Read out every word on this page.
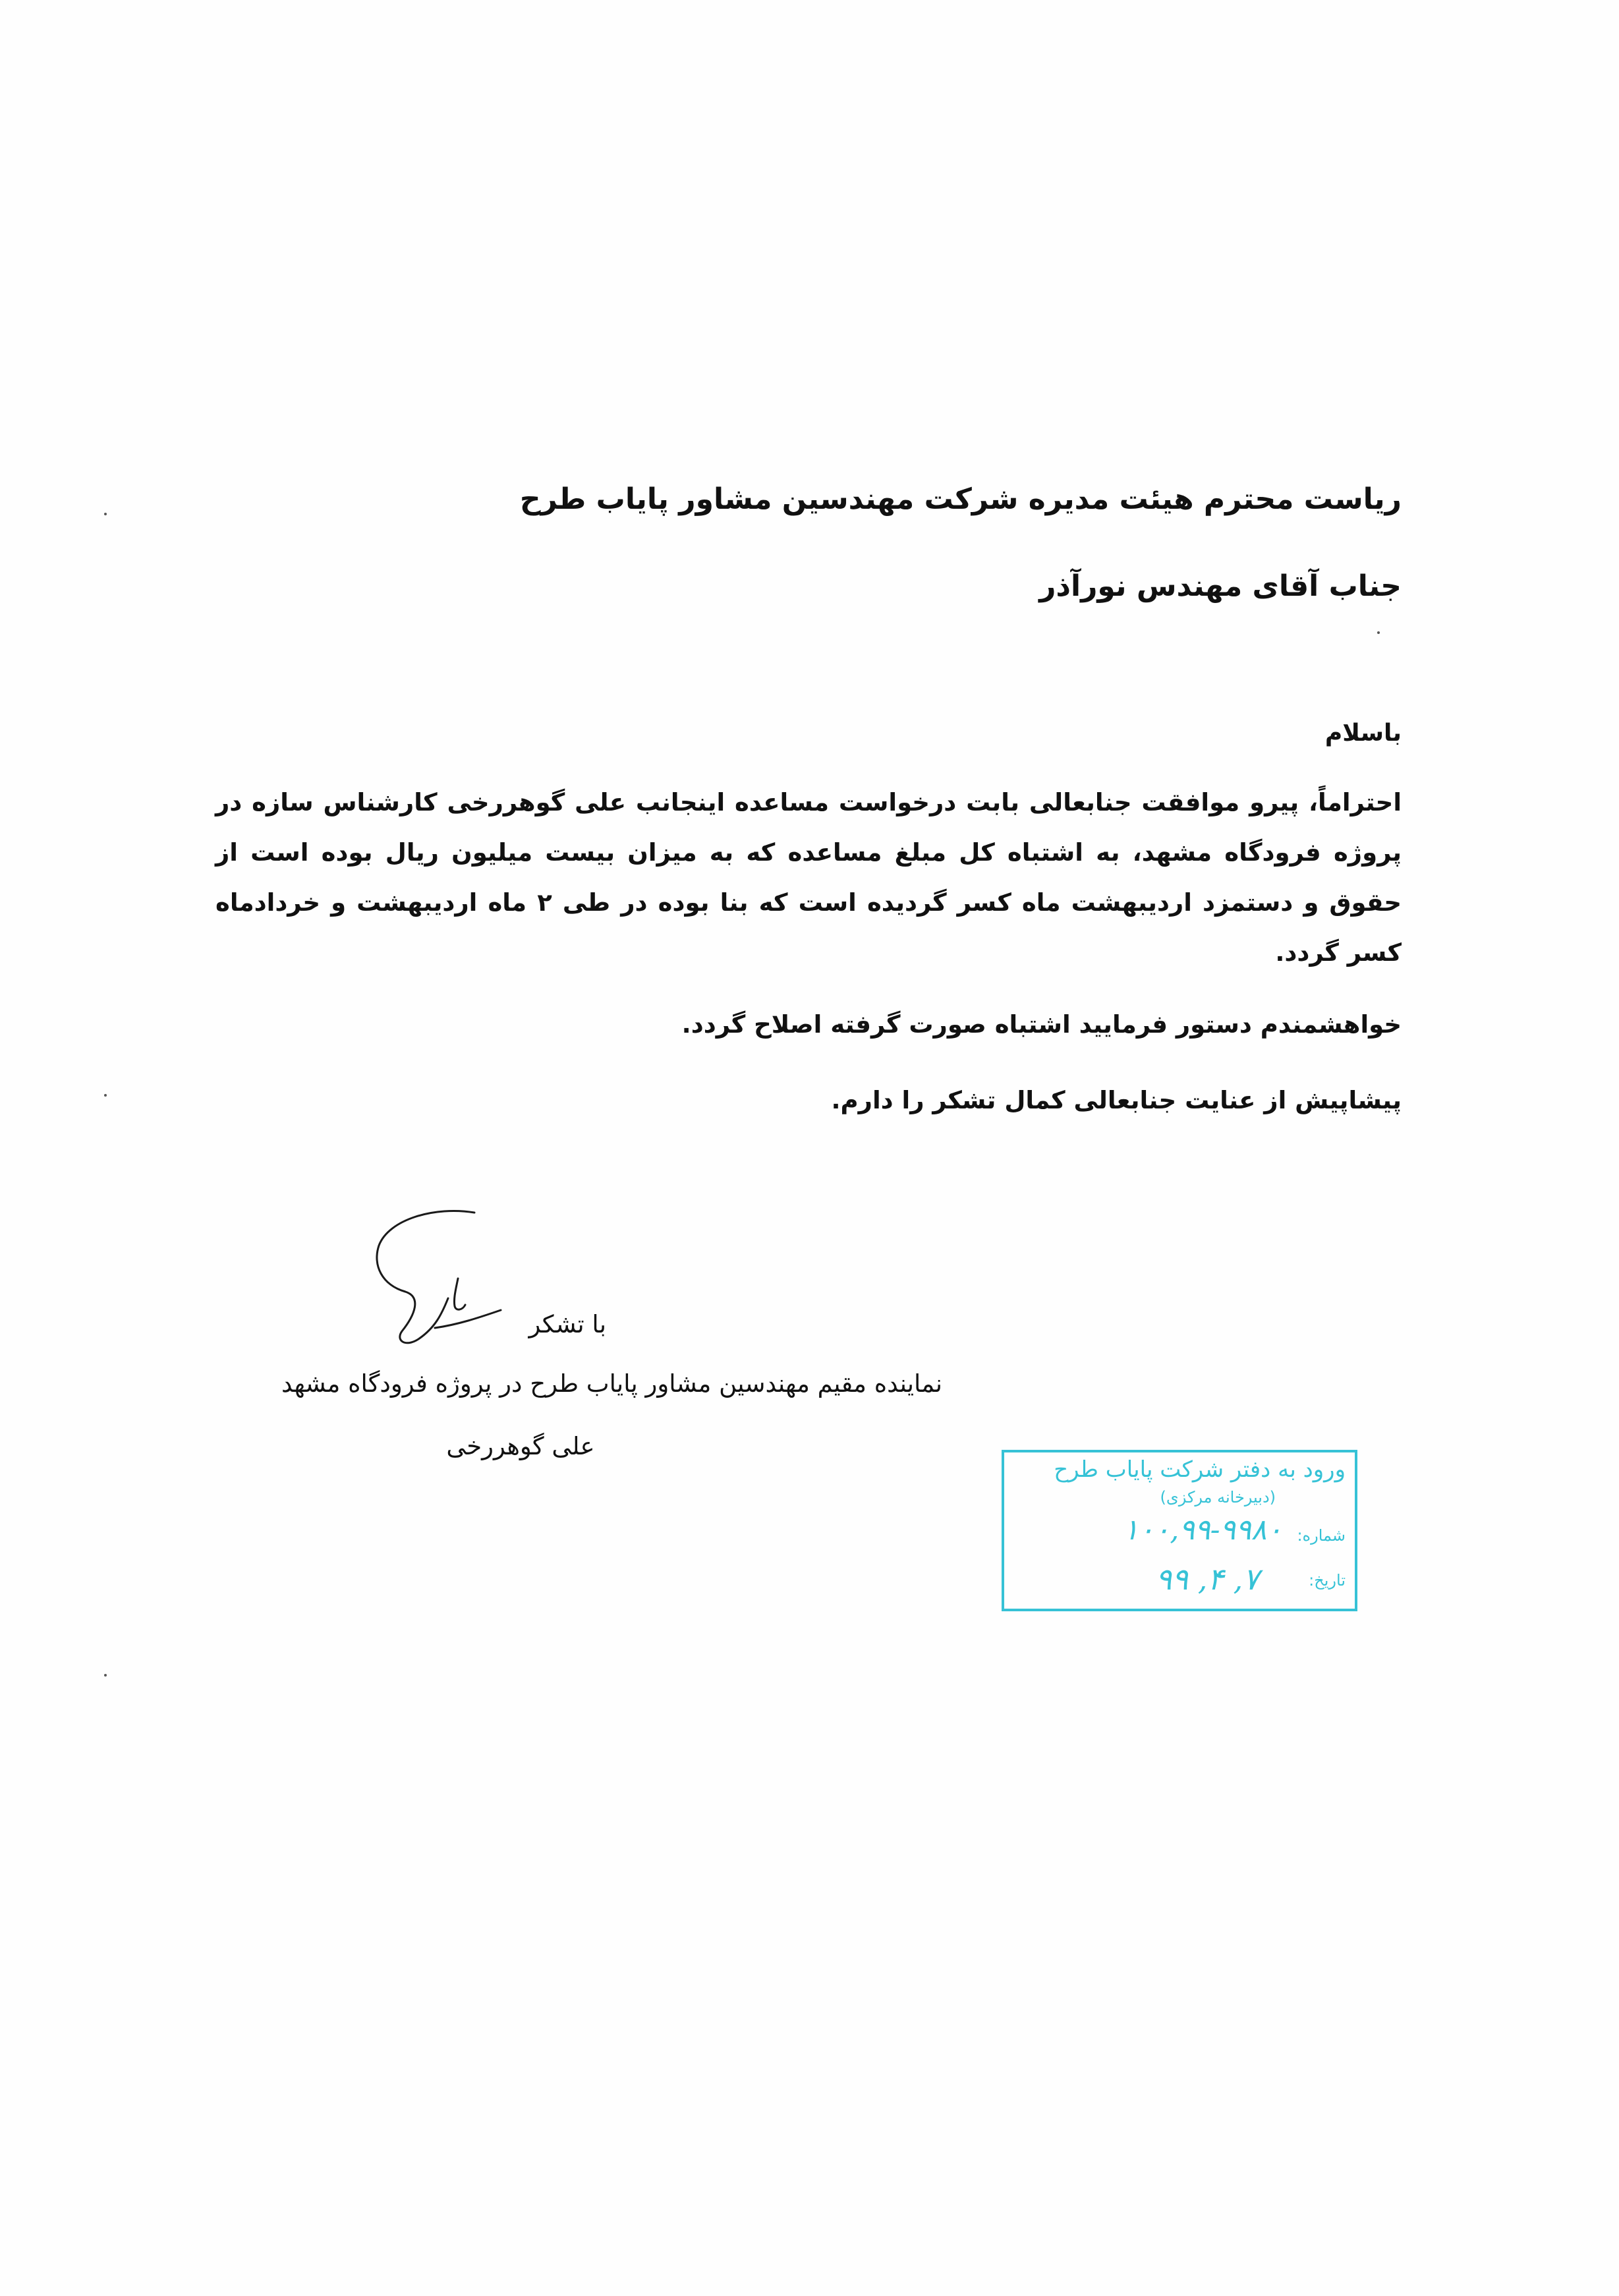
ریاست محترم هیئت مدیره شرکت مهندسین مشاور پایاب طرح
جناب آقای مهندس نورآذر
باسلام
احتراماً، پیرو موافقت جنابعالی بابت درخواست مساعده اینجانب علی گوهررخی کارشناس سازه در پروژه فرودگاه مشهد، به اشتباه کل مبلغ مساعده که به میزان بیست میلیون ریال بوده است از حقوق و دستمزد اردیبهشت ماه کسر گردیده است که بنا بوده در طی ۲ ماه اردیبهشت و خردادماه کسر گردد.
خواهشمندم دستور فرمایید اشتباه صورت گرفته اصلاح گردد.
پیشاپیش از عنایت جنابعالی کمال تشکر را دارم.
با تشکر
نماینده مقیم مهندسین مشاور پایاب طرح در پروژه فرودگاه مشهد
علی گوهررخی
ورود به دفتر شرکت پایاب طرح
(دبیرخانه مرکزی)
شماره:
۱۰۰,۹۹-۹۹۸۰
تاریخ:
۹۹ ,۴ ,۷
